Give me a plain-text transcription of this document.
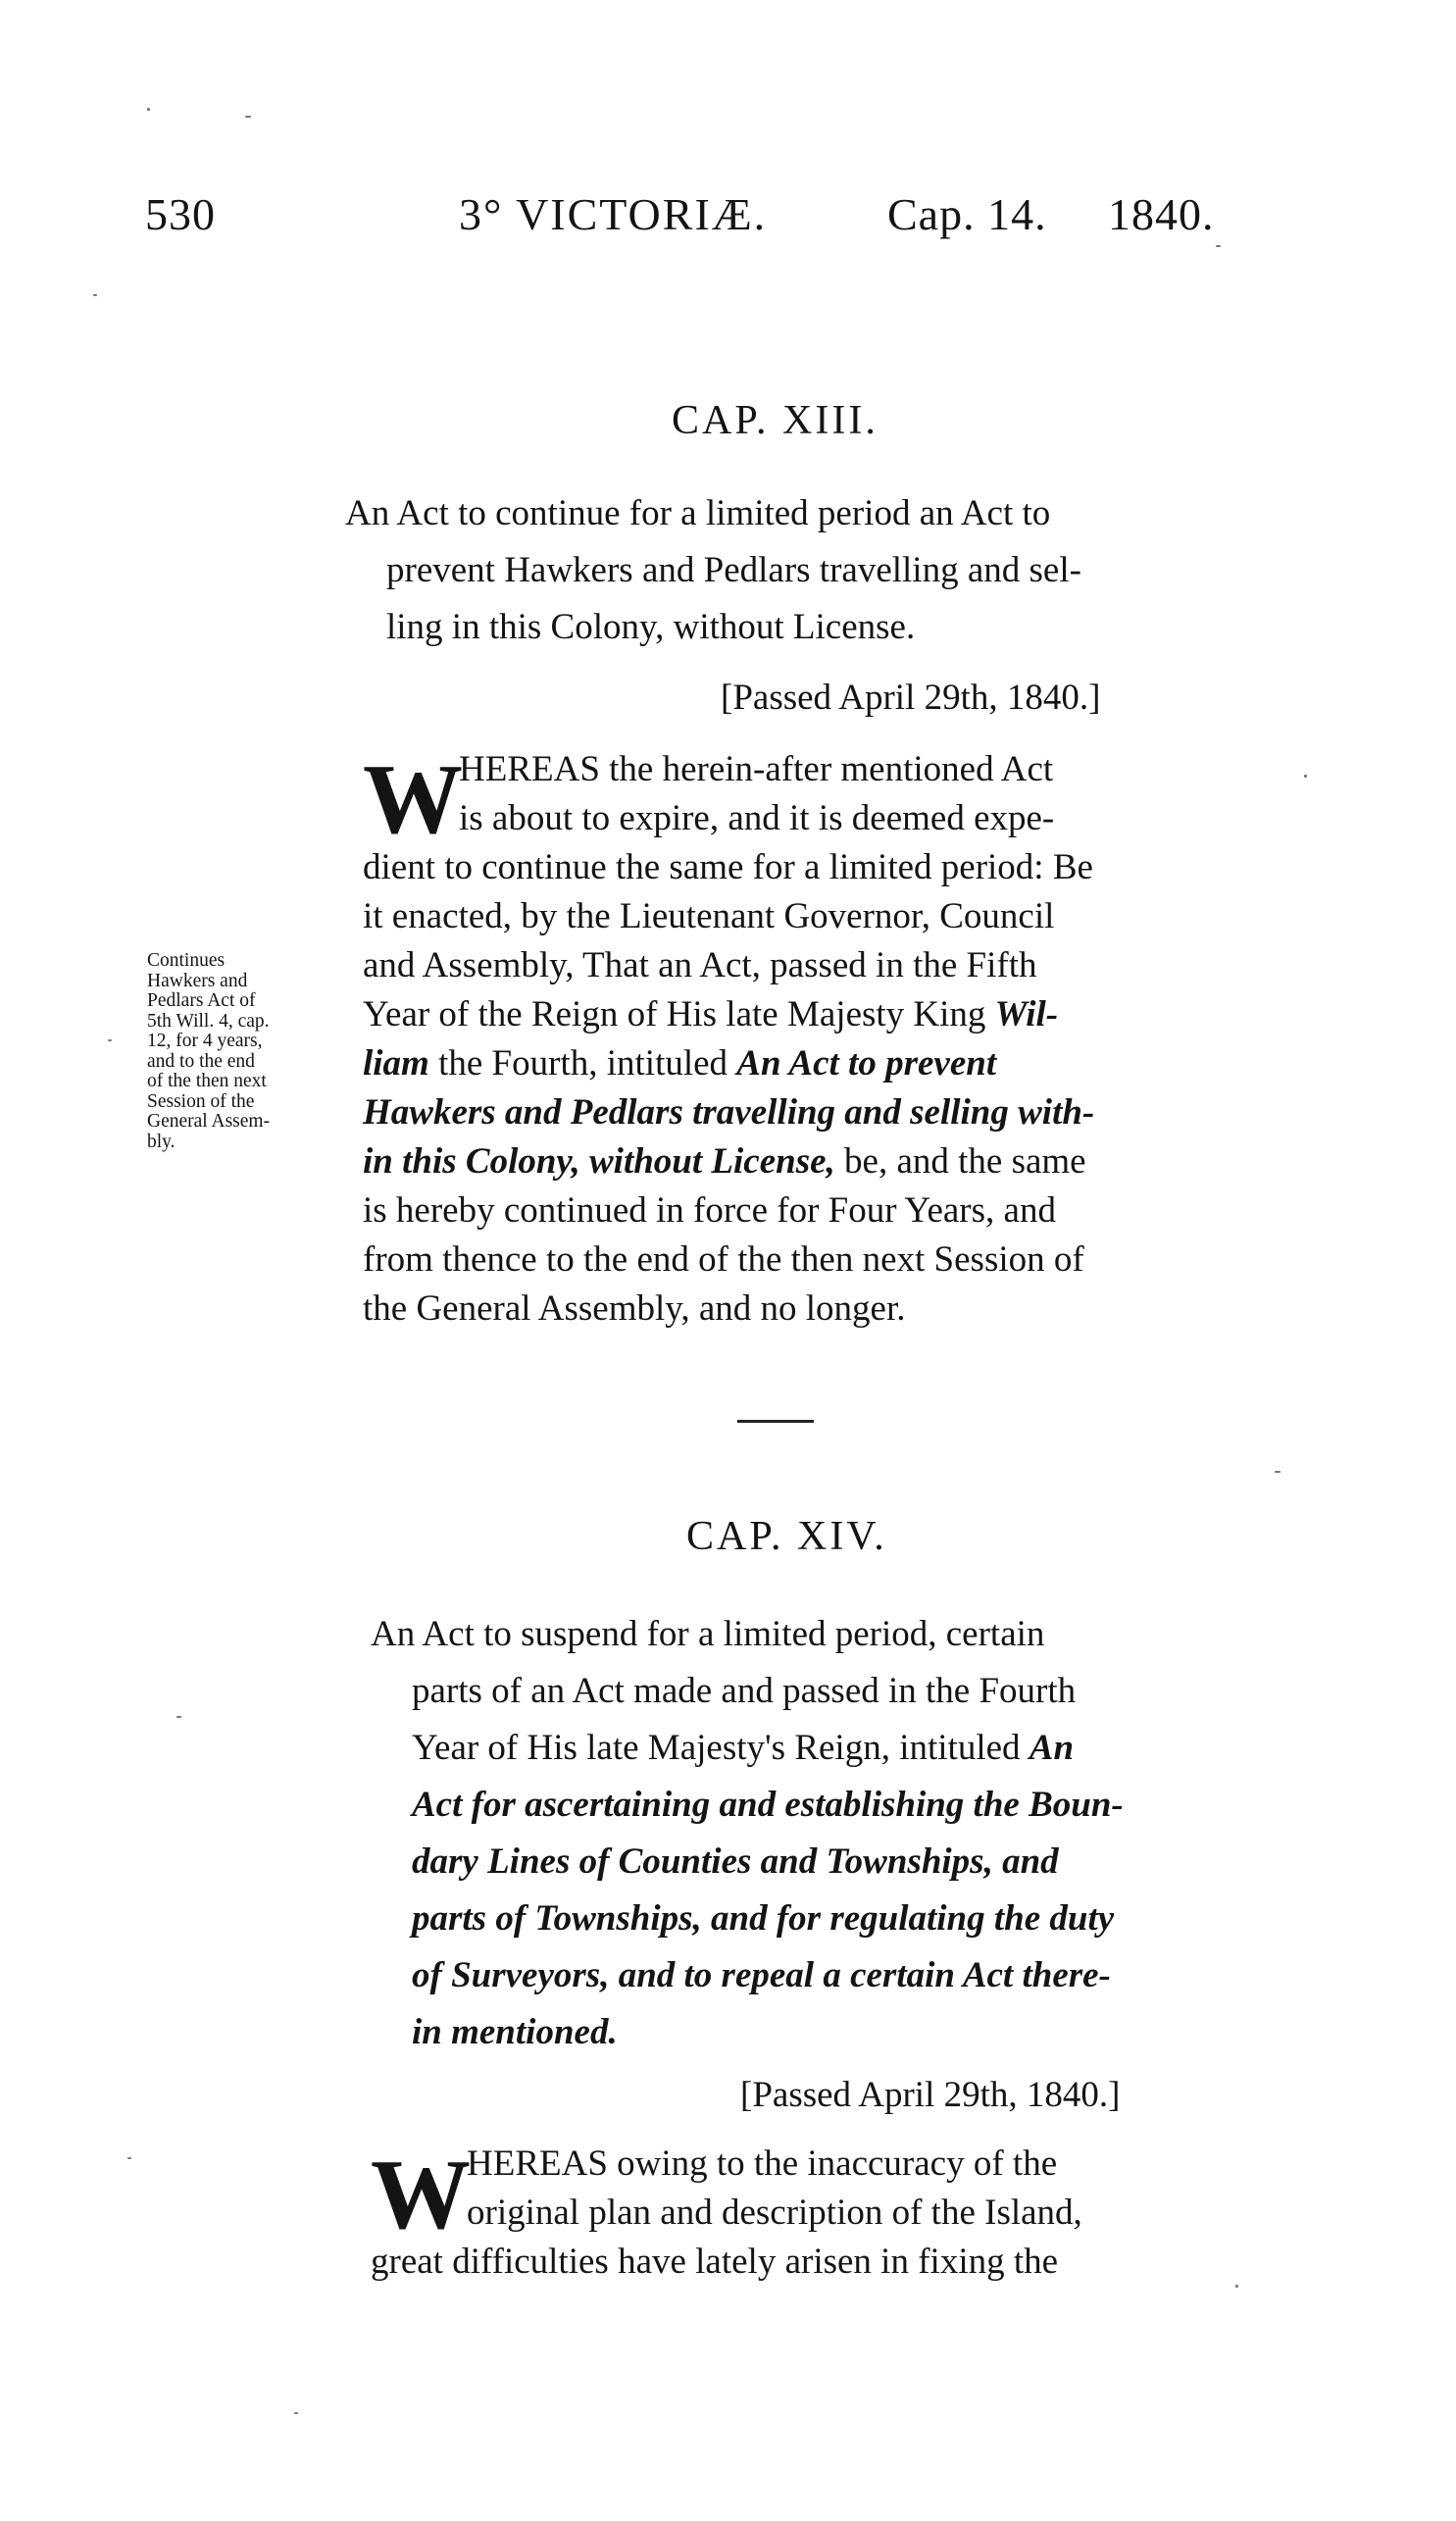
530	3° VICTORIÆ.	Cap. 14. 1840.
CAP. XIII.
An Act to continue for a limited period an Act to
prevent Hawkers and Pedlars travelling and sel-
ling in this Colony, without License.
[Passed April 29th, 1840.]
W
HEREAS the herein-after mentioned Act
is about to expire, and it is deemed expe-
dient to continue the same for a limited period: Be
it enacted, by the Lieutenant Governor, Council
and Assembly, That an Act, passed in the Fifth
Year of the Reign of His late Majesty King Wil-
liam the Fourth, intituled An Act to prevent
Hawkers and Pedlars travelling and selling with-
in this Colony, without License, be, and the same
is hereby continued in force for Four Years, and
from thence to the end of the then next Session of
the General Assembly, and no longer.
Continues
Hawkers and
Pedlars Act of
5th Will. 4, cap.
12, for 4 years,
and to the end
of the then next
Session of the
General Assem-
bly.
CAP. XIV.
An Act to suspend for a limited period, certain
parts of an Act made and passed in the Fourth
Year of His late Majesty's Reign, intituled An
Act for ascertaining and establishing the Boun-
dary Lines of Counties and Townships, and
parts of Townships, and for regulating the duty
of Surveyors, and to repeal a certain Act there-
in mentioned.
[Passed April 29th, 1840.]
W
HEREAS owing to the inaccuracy of the
original plan and description of the Island,
great difficulties have lately arisen in fixing the
